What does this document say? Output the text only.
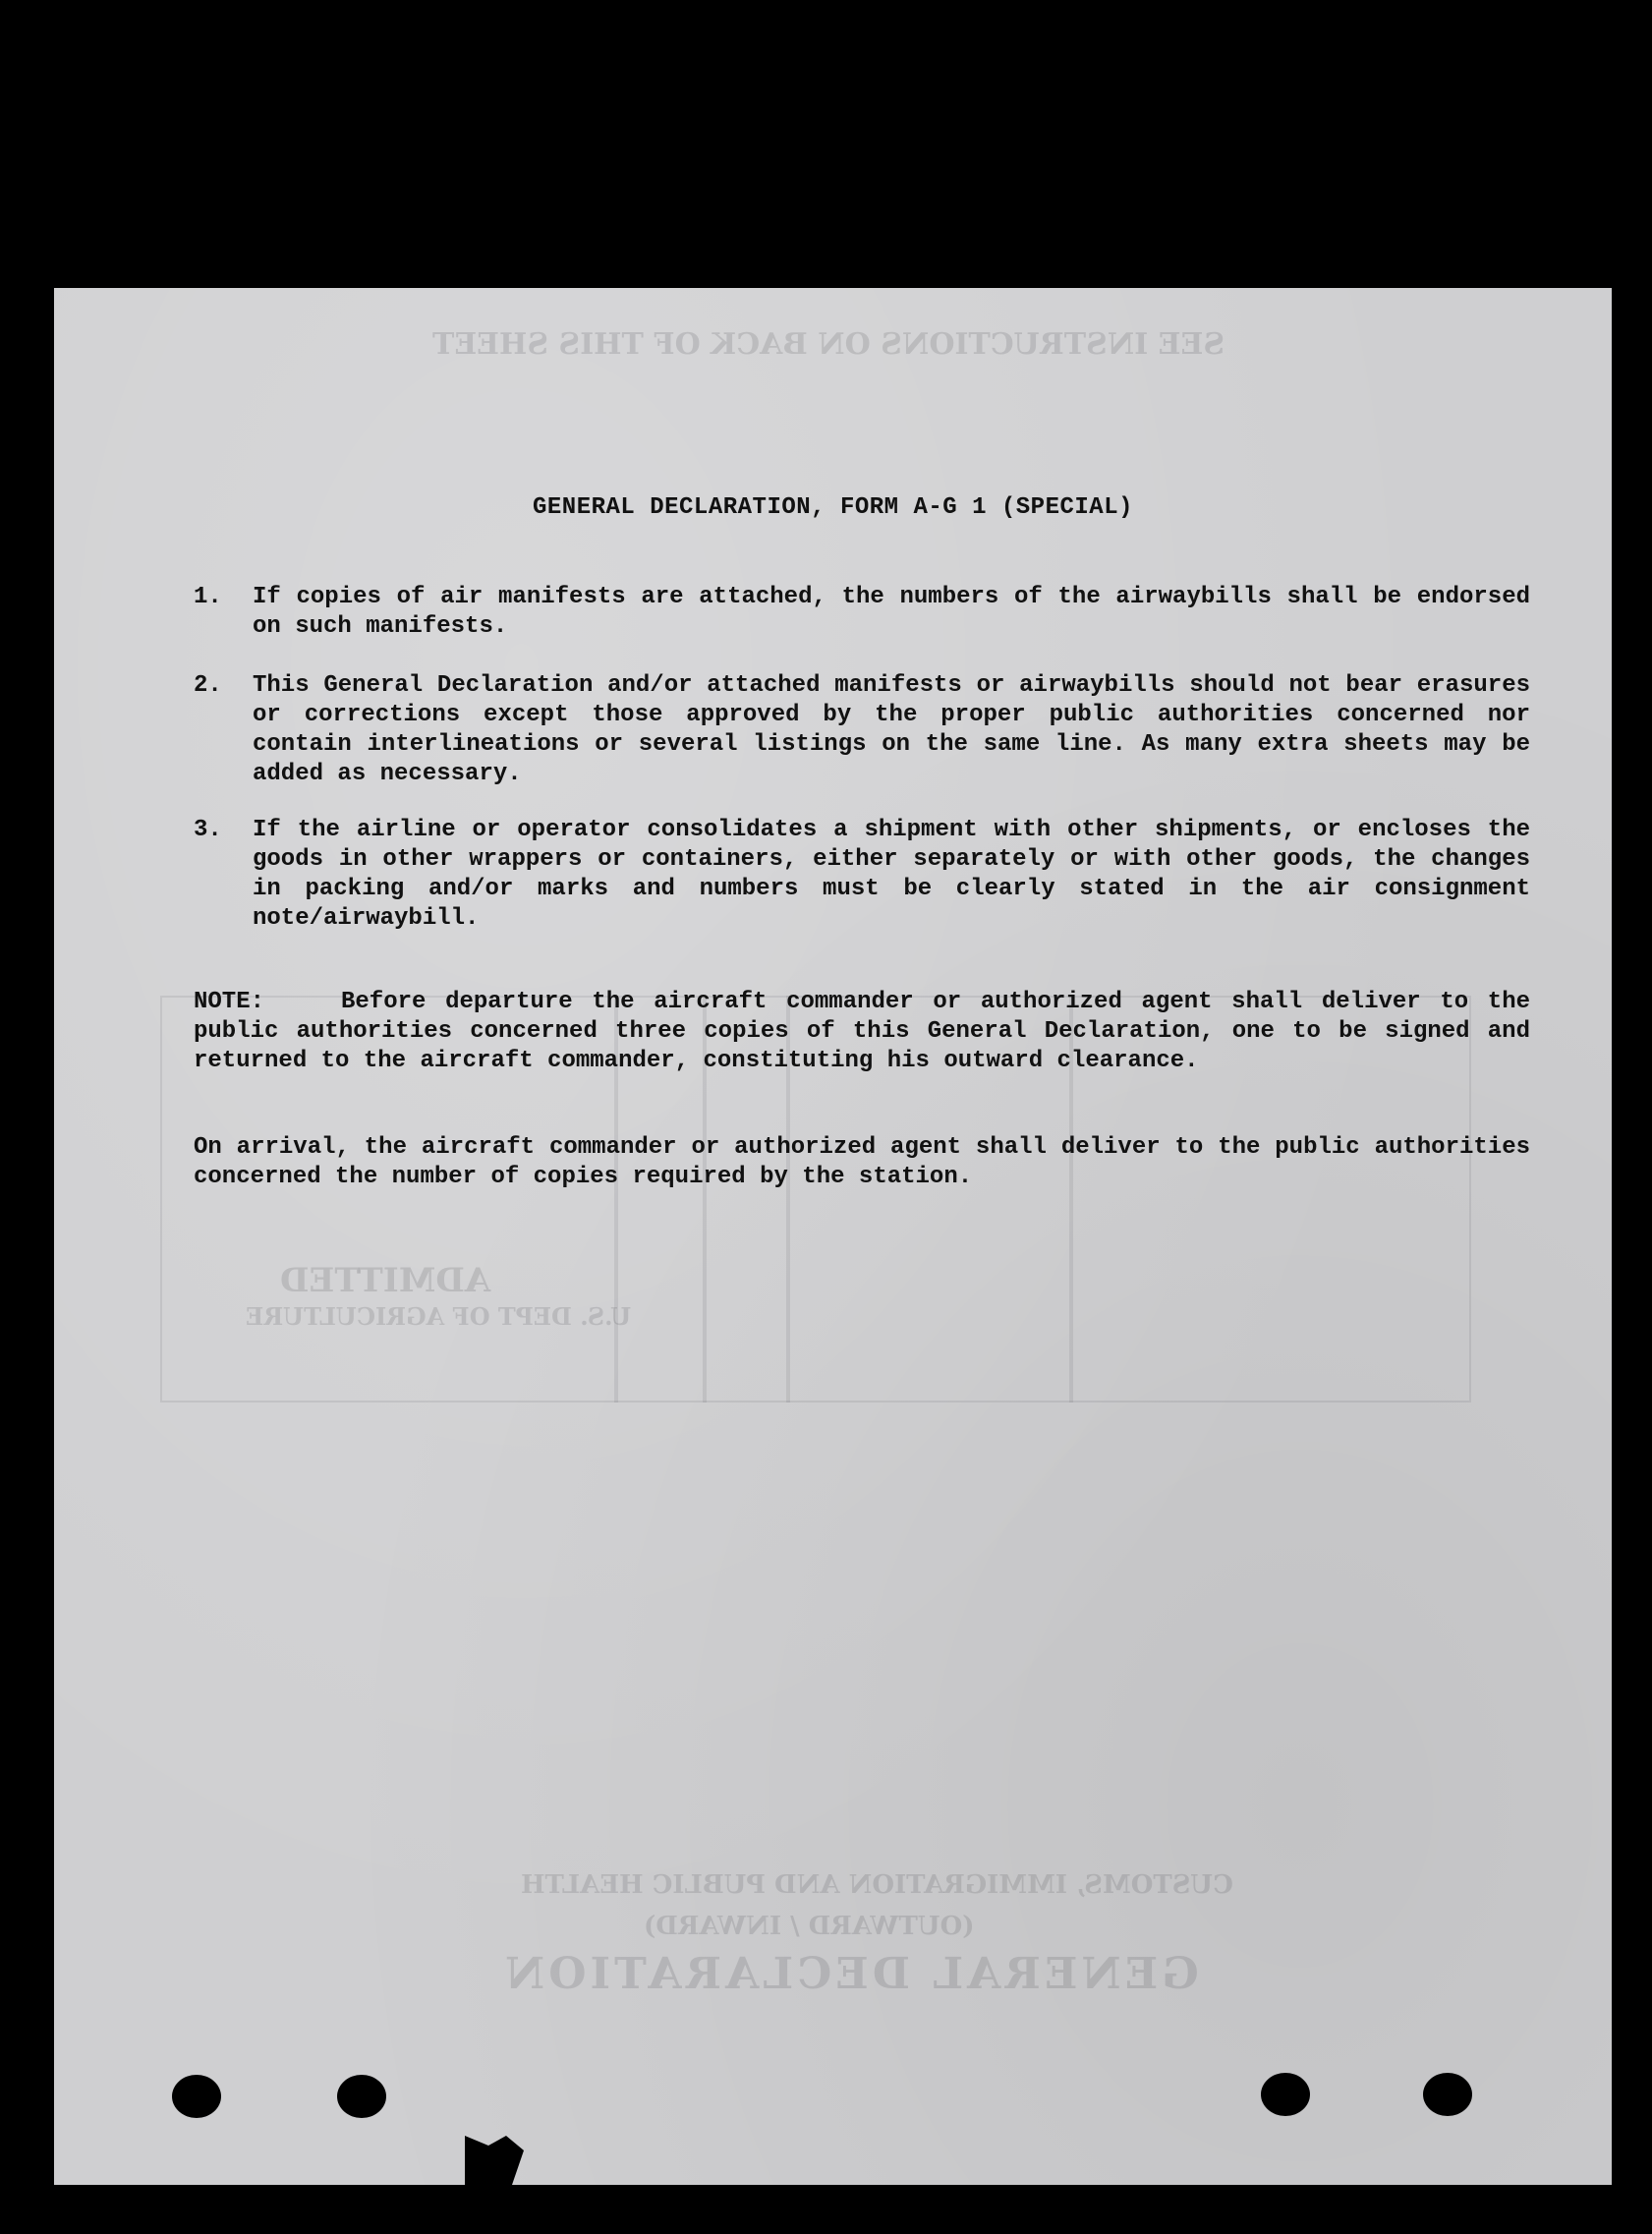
SEE INSTRUCTIONS ON BACK OF THIS SHEET
ADMITTED
U.S. DEPT OF AGRICULTURE
CUSTOMS, IMMIGRATION AND PUBLIC HEALTH
(OUTWARD / INWARD)
GENERAL DECLARATION
GENERAL DECLARATION, FORM A-G 1 (SPECIAL)
1.	If copies of air manifests are attached, the numbers of the airwaybills shall be endorsed on such manifests.
2.	This General Declaration and/or attached manifests or airwaybills should not bear erasures or corrections except those approved by the proper public authorities concerned nor contain interlineations or several listings on the same line. As many extra sheets may be added as necessary.
3.	If the airline or operator consolidates a shipment with other shipments, or encloses the goods in other wrappers or containers, either separately or with other goods, the changes in packing and/or marks and numbers must be clearly stated in the air consignment note/airwaybill.
NOTE:	Before departure the aircraft commander or authorized agent shall deliver to the public authorities concerned three copies of this General Declaration, one to be signed and returned to the aircraft commander, constituting his outward clearance.
On arrival, the aircraft commander or authorized agent shall deliver to the public authorities concerned the number of copies required by the station.
